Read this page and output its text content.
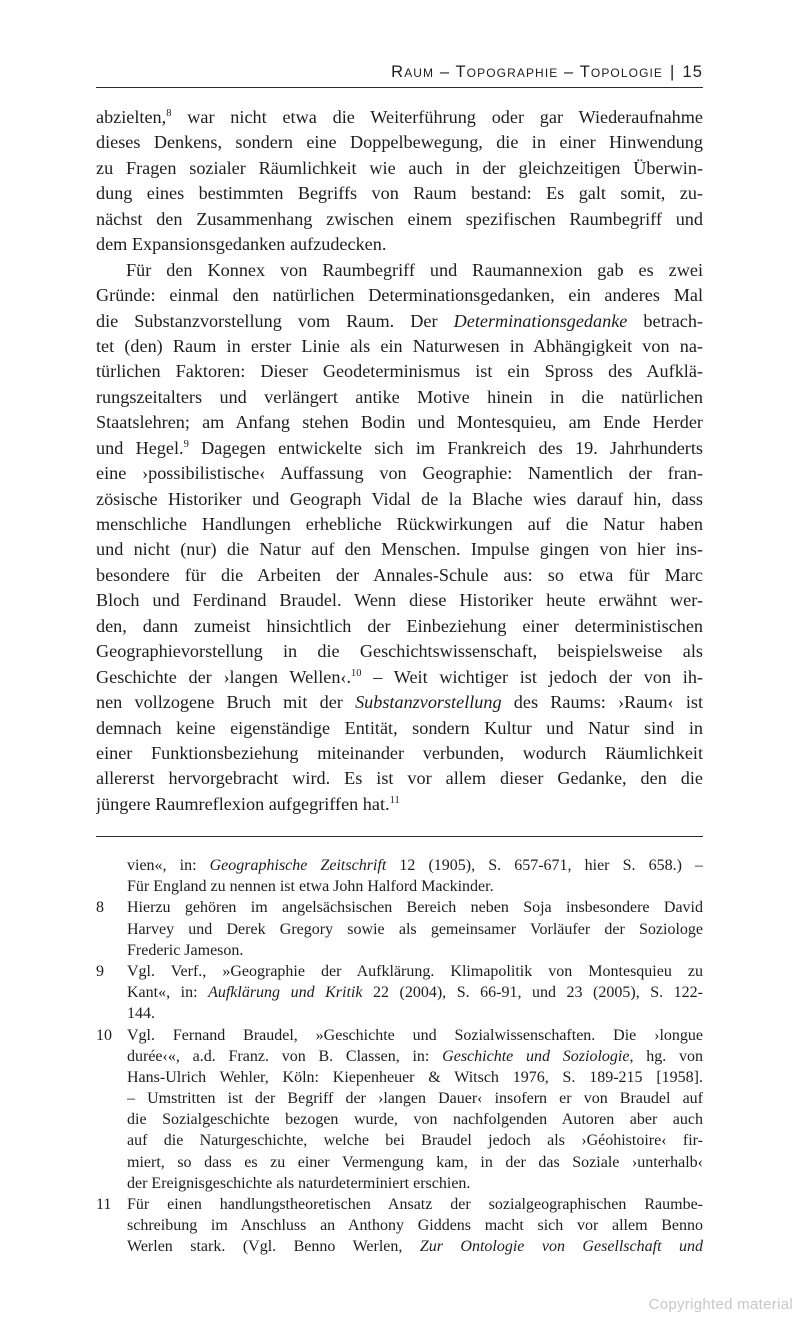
Raum – Topographie – Topologie | 15
abzielten,$^8$ war nicht etwa die Weiterführung oder gar Wiederaufnahme
dieses Denkens, sondern eine Doppelbewegung, die in einer Hinwendung
zu Fragen sozialer Räumlichkeit wie auch in der gleichzeitigen Überwin-
dung eines bestimmten Begriffs von Raum bestand: Es galt somit, zu-
nächst den Zusammenhang zwischen einem spezifischen Raumbegriff und
dem Expansionsgedanken aufzudecken.
Für den Konnex von Raumbegriff und Raumannexion gab es zwei
Gründe: einmal den natürlichen Determinationsgedanken, ein anderes Mal
die Substanzvorstellung vom Raum. Der Determinationsgedanke betrach-
tet (den) Raum in erster Linie als ein Naturwesen in Abhängigkeit von na-
türlichen Faktoren: Dieser Geodeterminismus ist ein Spross des Aufklä-
rungszeitalters und verlängert antike Motive hinein in die natürlichen
Staatslehren; am Anfang stehen Bodin und Montesquieu, am Ende Herder
und Hegel.$^9$ Dagegen entwickelte sich im Frankreich des 19. Jahrhunderts
eine ›possibilistische‹ Auffassung von Geographie: Namentlich der fran-
zösische Historiker und Geograph Vidal de la Blache wies darauf hin, dass
menschliche Handlungen erhebliche Rückwirkungen auf die Natur haben
und nicht (nur) die Natur auf den Menschen. Impulse gingen von hier ins-
besondere für die Arbeiten der Annales-Schule aus: so etwa für Marc
Bloch und Ferdinand Braudel. Wenn diese Historiker heute erwähnt wer-
den, dann zumeist hinsichtlich der Einbeziehung einer deterministischen
Geographievorstellung in die Geschichtswissenschaft, beispielsweise als
Geschichte der ›langen Wellen‹.$^{10}$ – Weit wichtiger ist jedoch der von ih-
nen vollzogene Bruch mit der Substanzvorstellung des Raums: ›Raum‹ ist
demnach keine eigenständige Entität, sondern Kultur und Natur sind in
einer Funktionsbeziehung miteinander verbunden, wodurch Räumlichkeit
allererst hervorgebracht wird. Es ist vor allem dieser Gedanke, den die
jüngere Raumreflexion aufgegriffen hat.$^{11}$
vien«, in: Geographische Zeitschrift 12 (1905), S. 657-671, hier S. 658.) –
Für England zu nennen ist etwa John Halford Mackinder.
8 Hierzu gehören im angelsächsischen Bereich neben Soja insbesondere David
Harvey und Derek Gregory sowie als gemeinsamer Vorläufer der Soziologe
Frederic Jameson.
9 Vgl. Verf., »Geographie der Aufklärung. Klimapolitik von Montesquieu zu
Kant«, in: Aufklärung und Kritik 22 (2004), S. 66-91, und 23 (2005), S. 122-
144.
10 Vgl. Fernand Braudel, »Geschichte und Sozialwissenschaften. Die ›longue
durée‹«, a.d. Franz. von B. Classen, in: Geschichte und Soziologie, hg. von
Hans-Ulrich Wehler, Köln: Kiepenheuer & Witsch 1976, S. 189-215 [1958].
– Umstritten ist der Begriff der ›langen Dauer‹ insofern er von Braudel auf
die Sozialgeschichte bezogen wurde, von nachfolgenden Autoren aber auch
auf die Naturgeschichte, welche bei Braudel jedoch als ›Géohistoire‹ fir-
miert, so dass es zu einer Vermengung kam, in der das Soziale ›unterhalb‹
der Ereignisgeschichte als naturdeterminiert erschien.
11 Für einen handlungstheoretischen Ansatz der sozialgeographischen Raumbe-
schreibung im Anschluss an Anthony Giddens macht sich vor allem Benno
Werlen stark. (Vgl. Benno Werlen, Zur Ontologie von Gesellschaft und
Copyrighted material
